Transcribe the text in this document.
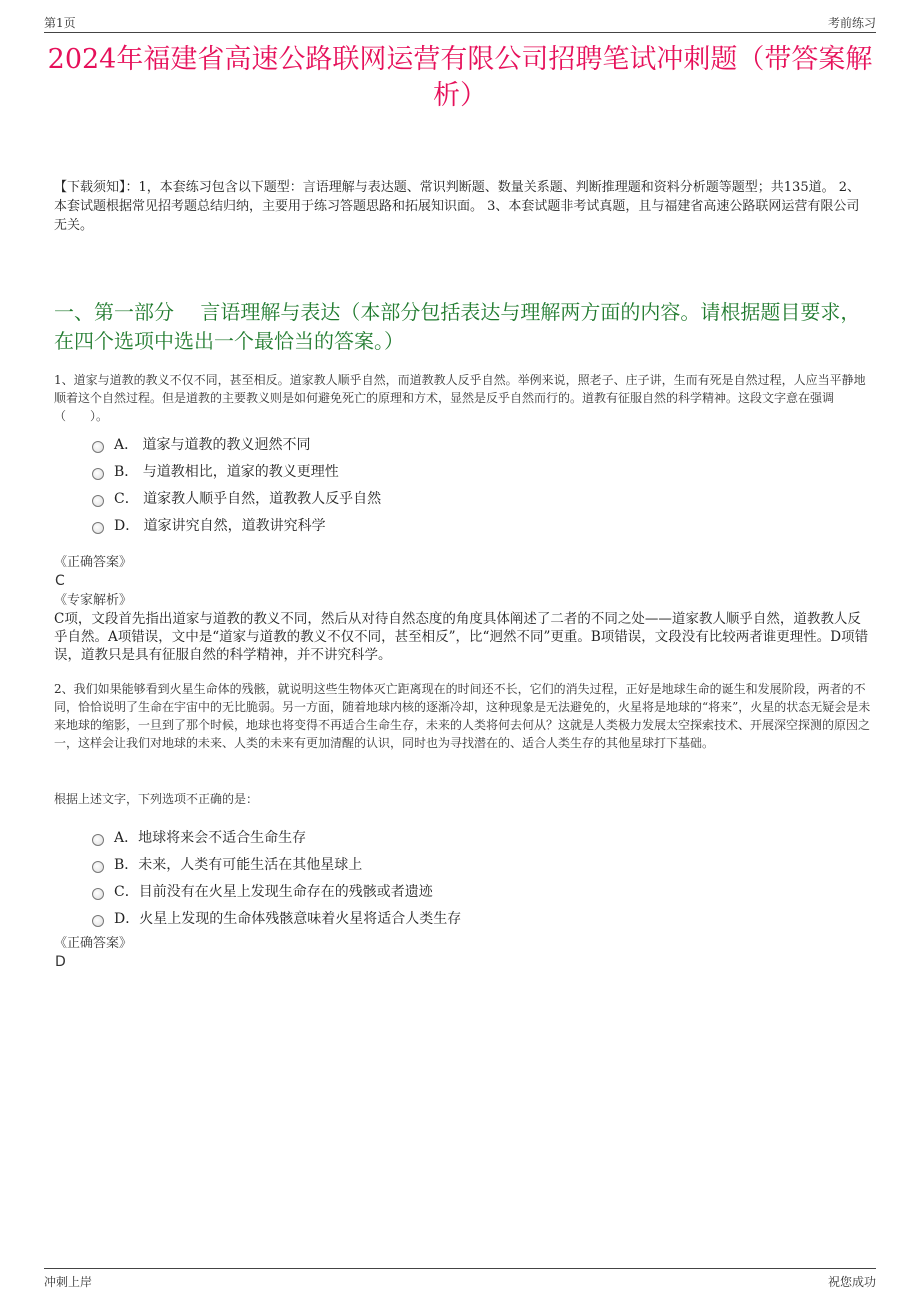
第1页	考前练习
2024年福建省高速公路联网运营有限公司招聘笔试冲刺题（带答案解析）
【下载须知】：1，本套练习包含以下题型：言语理解与表达题、常识判断题、数量关系题、判断推理题和资料分析题等题型；共135道。 2、本套试题根据常见招考题总结归纳，主要用于练习答题思路和拓展知识面。 3、本套试题非考试真题，且与福建省高速公路联网运营有限公司无关。
一、第一部分　 言语理解与表达（本部分包括表达与理解两方面的内容。请根据题目要求，在四个选项中选出一个最恰当的答案。）
1、道家与道教的教义不仅不同，甚至相反。道家教人顺乎自然，而道教教人反乎自然。举例来说，照老子、庄子讲，生而有死是自然过程，人应当平静地顺着这个自然过程。但是道教的主要教义则是如何避免死亡的原理和方术，显然是反乎自然而行的。道教有征服自然的科学精神。这段文字意在强调（　　）。
A． 道家与道教的教义迥然不同
B． 与道教相比，道家的教义更理性
C． 道家教人顺乎自然，道教教人反乎自然
D． 道家讲究自然，道教讲究科学
《正确答案》
C
《专家解析》
C项，文段首先指出道家与道教的教义不同，然后从对待自然态度的角度具体阐述了二者的不同之处——道家教人顺乎自然，道教教人反乎自然。A项错误，文中是“道家与道教的教义不仅不同，甚至相反”，比“迥然不同”更重。B项错误，文段没有比较两者谁更理性。D项错误，道教只是具有征服自然的科学精神，并不讲究科学。
2、我们如果能够看到火星生命体的残骸，就说明这些生物体灭亡距离现在的时间还不长，它们的消失过程，正好是地球生命的诞生和发展阶段，两者的不同，恰恰说明了生命在宇宙中的无比脆弱。另一方面，随着地球内核的逐渐冷却，这种现象是无法避免的，火星将是地球的“将来”，火星的状态无疑会是未来地球的缩影，一旦到了那个时候，地球也将变得不再适合生命生存，未来的人类将何去何从？这就是人类极力发展太空探索技术、开展深空探测的原因之一，这样会让我们对地球的未来、人类的未来有更加清醒的认识，同时也为寻找潜在的、适合人类生存的其他星球打下基础。
根据上述文字，下列选项不正确的是：
A．地球将来会不适合生命生存
B．未来，人类有可能生活在其他星球上
C．目前没有在火星上发现生命存在的残骸或者遗迹
D．火星上发现的生命体残骸意味着火星将适合人类生存
《正确答案》
D
冲刺上岸	祝您成功
